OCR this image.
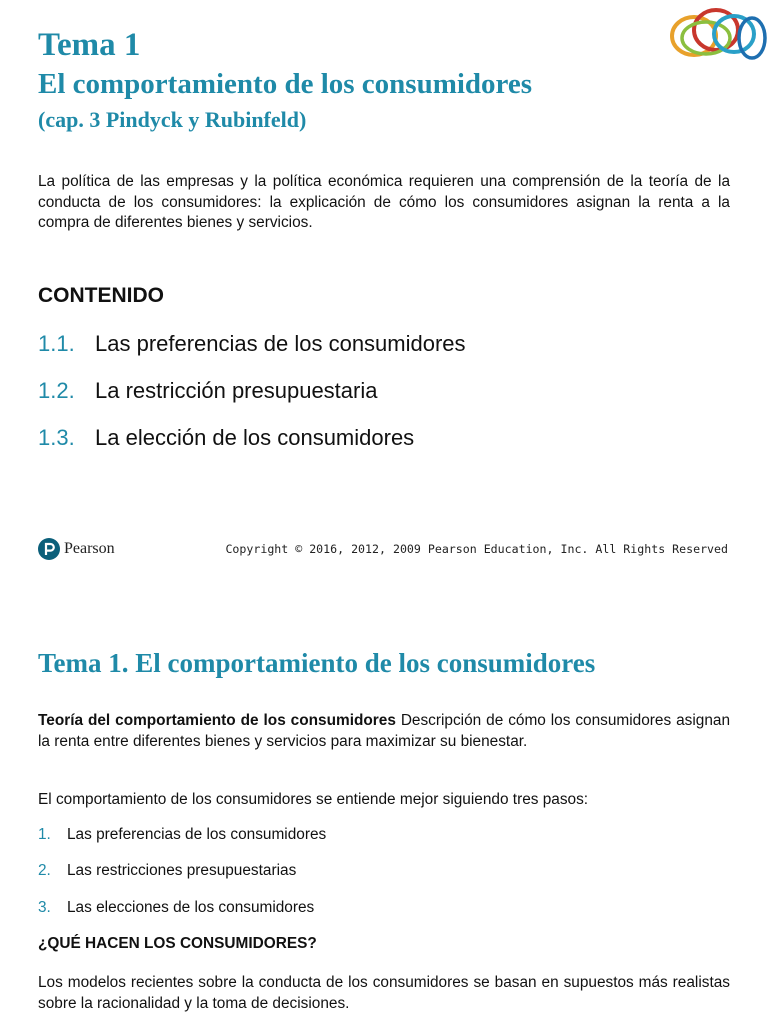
Tema 1
El comportamiento de los consumidores
(cap. 3 Pindyck y Rubinfeld)
La política de las empresas y la política económica requieren una comprensión de la teoría de la conducta de los consumidores: la explicación de cómo los consumidores asignan la renta a la compra de diferentes bienes y servicios.
CONTENIDO
1.1. Las preferencias de los consumidores
1.2. La restricción presupuestaria
1.3. La elección de los consumidores
Pearson	Copyright © 2016, 2012, 2009 Pearson Education, Inc. All Rights Reserved
Tema 1. El comportamiento de los consumidores
Teoría del comportamiento de los consumidores Descripción de cómo los consumidores asignan la renta entre diferentes bienes y servicios para maximizar su bienestar.
El comportamiento de los consumidores se entiende mejor siguiendo tres pasos:
1. Las preferencias de los consumidores
2. Las restricciones presupuestarias
3. Las elecciones de los consumidores
¿QUÉ HACEN LOS CONSUMIDORES?
Los modelos recientes sobre la conducta de los consumidores se basan en supuestos más realistas sobre la racionalidad y la toma de decisiones.
